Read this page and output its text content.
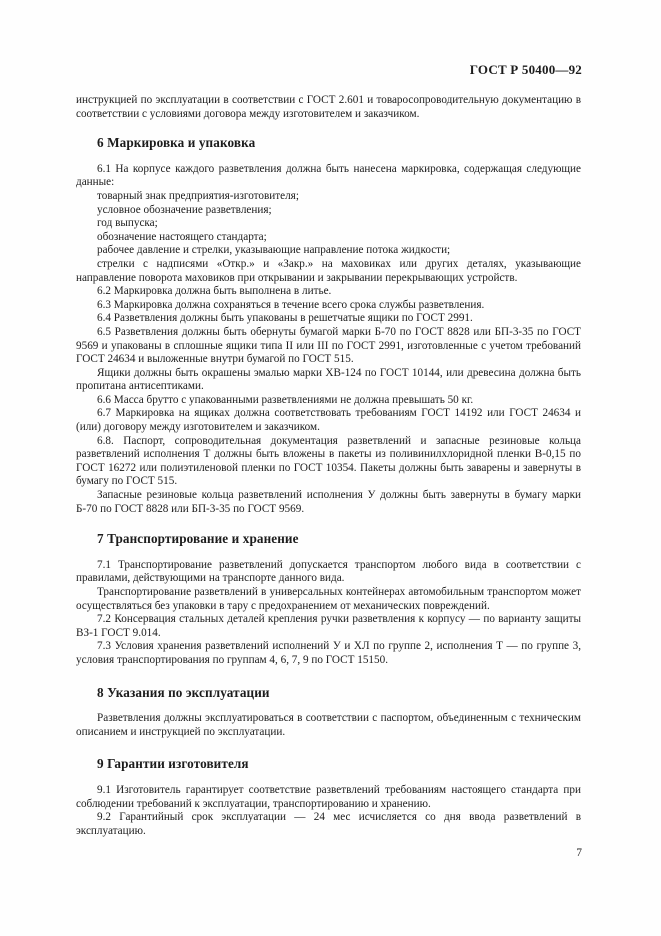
ГОСТ Р 50400—92

инструкцией по эксплуатации в соответствии с ГОСТ 2.601 и товаросопроводительную документацию в соответствии с условиями договора между изготовителем и заказчиком.

6 Маркировка и упаковка

6.1 На корпусе каждого разветвления должна быть нанесена маркировка, содержащая следующие данные:

товарный знак предприятия-изготовителя;

условное обозначение разветвления;

год выпуска;

обозначение настоящего стандарта;

рабочее давление и стрелки, указывающие направление потока жидкости;

стрелки с надписями «Откр.» и «Закр.» на маховиках или других деталях, указывающие направление поворота маховиков при открывании и закрывании перекрывающих устройств.

6.2 Маркировка должна быть выполнена в литье.

6.3 Маркировка должна сохраняться в течение всего срока службы разветвления.

6.4 Разветвления должны быть упакованы в решетчатые ящики по ГОСТ 2991.

6.5 Разветвления должны быть обернуты бумагой марки Б-70 по ГОСТ 8828 или БП-3-35 по ГОСТ 9569 и упакованы в сплошные ящики типа II или III по ГОСТ 2991, изготовленные с учетом требований ГОСТ 24634 и выложенные внутри бумагой по ГОСТ 515.

Ящики должны быть окрашены эмалью марки ХВ-124 по ГОСТ 10144, или древесина должна быть пропитана антисептиками.

6.6 Масса брутто с упакованными разветвлениями не должна превышать 50 кг.

6.7 Маркировка на ящиках должна соответствовать требованиям ГОСТ 14192 или ГОСТ 24634 и (или) договору между изготовителем и заказчиком.

6.8. Паспорт, сопроводительная документация разветвлений и запасные резиновые кольца разветвлений исполнения Т должны быть вложены в пакеты из поливинилхлоридной пленки В-0,15 по ГОСТ 16272 или полиэтиленовой пленки по ГОСТ 10354. Пакеты должны быть заварены и завернуты в бумагу по ГОСТ 515.

Запасные резиновые кольца разветвлений исполнения У должны быть завернуты в бумагу марки Б-70 по ГОСТ 8828 или БП-3-35 по ГОСТ 9569.

7 Транспортирование и хранение

7.1 Транспортирование разветвлений допускается транспортом любого вида в соответствии с правилами, действующими на транспорте данного вида.

Транспортирование разветвлений в универсальных контейнерах автомобильным транспортом может осуществляться без упаковки в тару с предохранением от механических повреждений.

7.2 Консервация стальных деталей крепления ручки разветвления к корпусу — по варианту защиты ВЗ-1 ГОСТ 9.014.

7.3 Условия хранения разветвлений исполнений У и ХЛ по группе 2, исполнения Т — по группе 3, условия транспортирования по группам 4, 6, 7, 9 по ГОСТ 15150.

8 Указания по эксплуатации

Разветвления должны эксплуатироваться в соответствии с паспортом, объединенным с техническим описанием и инструкцией по эксплуатации.

9 Гарантии изготовителя

9.1 Изготовитель гарантирует соответствие разветвлений требованиям настоящего стандарта при соблюдении требований к эксплуатации, транспортированию и хранению.

9.2 Гарантийный срок эксплуатации — 24 мес исчисляется со дня ввода разветвлений в эксплуатацию.

7
